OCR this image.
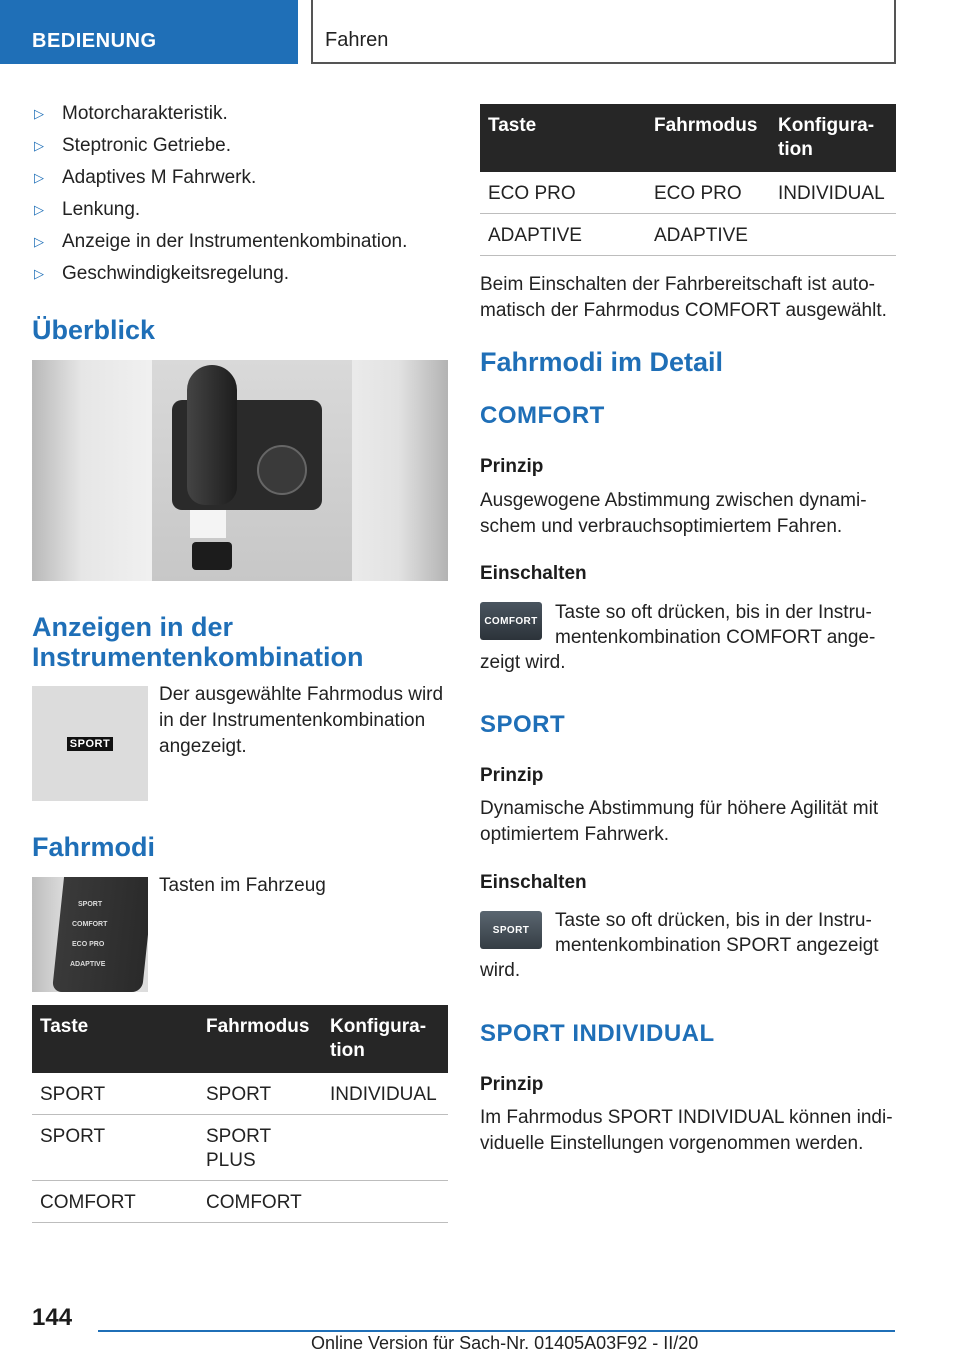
BEDIENUNG	Fahren
▷ Motorcharakteristik.
▷ Steptronic Getriebe.
▷ Adaptives M Fahrwerk.
▷ Lenkung.
▷ Anzeige in der Instrumentenkombination.
▷ Geschwindigkeitsregelung.
Überblick
Anzeigen in der
Instrumentenkombination
SPORT

Der ausgewählte Fahrmodus wird in der Instrumentenkombination angezeigt.

Fahrmodi
SPORT
COMFORT
ECO PRO
ADAPTIVE

Tasten im Fahrzeug

Taste	Fahrmodus	Konfigura-
tion
SPORT	SPORT	INDIVIDUAL
SPORT	SPORT
PLUS	
COMFORT	COMFORT	
Taste	Fahrmodus	Konfigura-
tion
ECO PRO	ECO PRO	INDIVIDUAL
ADAPTIVE	ADAPTIVE	

Beim Einschalten der Fahrbereitschaft ist auto-matisch der Fahrmodus COMFORT ausgewählt.

Fahrmodi im Detail
COMFORT
Prinzip

Ausgewogene Abstimmung zwischen dynami-schem und verbrauchsoptimiertem Fahren.

Einschalten
COMFORT Taste so oft drücken, bis in der Instru-

mentenkombination COMFORT ange-

zeigt wird.

SPORT
Prinzip

Dynamische Abstimmung für höhere Agilität mit optimiertem Fahrwerk.

Einschalten
SPORT Taste so oft drücken, bis in der Instru-

mentenkombination SPORT angezeigt

wird.

SPORT INDIVIDUAL
Prinzip

Im Fahrmodus SPORT INDIVIDUAL können indi-viduelle Einstellungen vorgenommen werden.

144
Online Version für Sach-Nr. 01405A03F92 - II/20
